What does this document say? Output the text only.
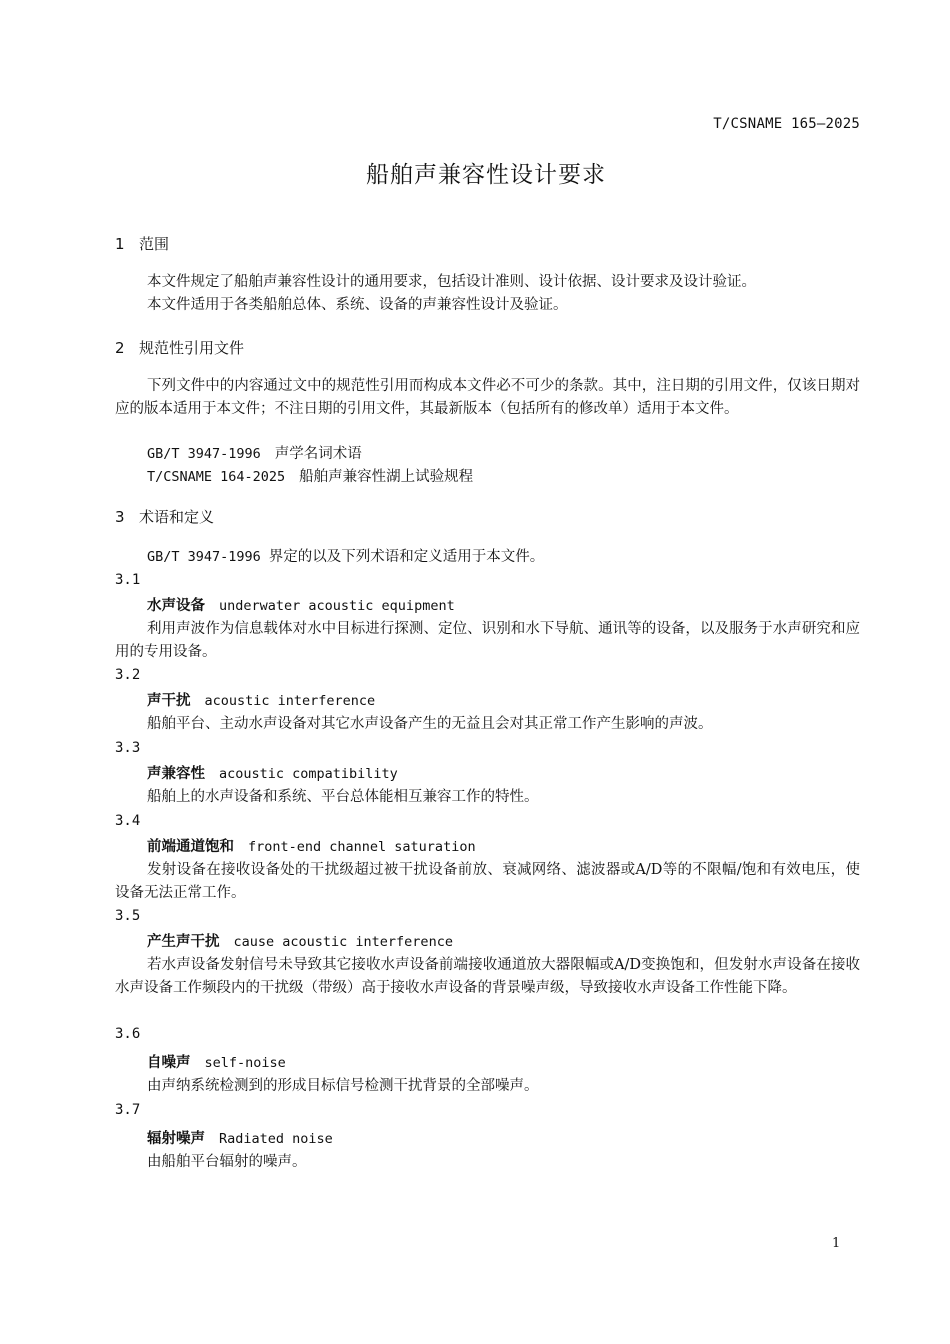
T/CSNAME 165—2025
船舶声兼容性设计要求
1 范围
本文件规定了船舶声兼容性设计的通用要求，包括设计准则、设计依据、设计要求及设计验证。
本文件适用于各类船舶总体、系统、设备的声兼容性设计及验证。
2 规范性引用文件
下列文件中的内容通过文中的规范性引用而构成本文件必不可少的条款。其中，注日期的引用文件，仅该日期对应的版本适用于本文件；不注日期的引用文件，其最新版本（包括所有的修改单）适用于本文件。
GB/T 3947-1996 声学名词术语
T/CSNAME 164-2025 船舶声兼容性湖上试验规程
3 术语和定义
GB/T 3947-1996 界定的以及下列术语和定义适用于本文件。
3.1
水声设备 underwater acoustic equipment
利用声波作为信息载体对水中目标进行探测、定位、识别和水下导航、通讯等的设备，以及服务于水声研究和应用的专用设备。
3.2
声干扰 acoustic interference
船舶平台、主动水声设备对其它水声设备产生的无益且会对其正常工作产生影响的声波。
3.3
声兼容性 acoustic compatibility
船舶上的水声设备和系统、平台总体能相互兼容工作的特性。
3.4
前端通道饱和 front-end channel saturation
发射设备在接收设备处的干扰级超过被干扰设备前放、衰减网络、滤波器或A/D等的不限幅/饱和有效电压，使设备无法正常工作。
3.5
产生声干扰 cause acoustic interference
若水声设备发射信号未导致其它接收水声设备前端接收通道放大器限幅或A/D变换饱和，但发射水声设备在接收水声设备工作频段内的干扰级（带级）高于接收水声设备的背景噪声级，导致接收水声设备工作性能下降。
3.6
自噪声 self-noise
由声纳系统检测到的形成目标信号检测干扰背景的全部噪声。
3.7
辐射噪声 Radiated noise
由船舶平台辐射的噪声。
1
